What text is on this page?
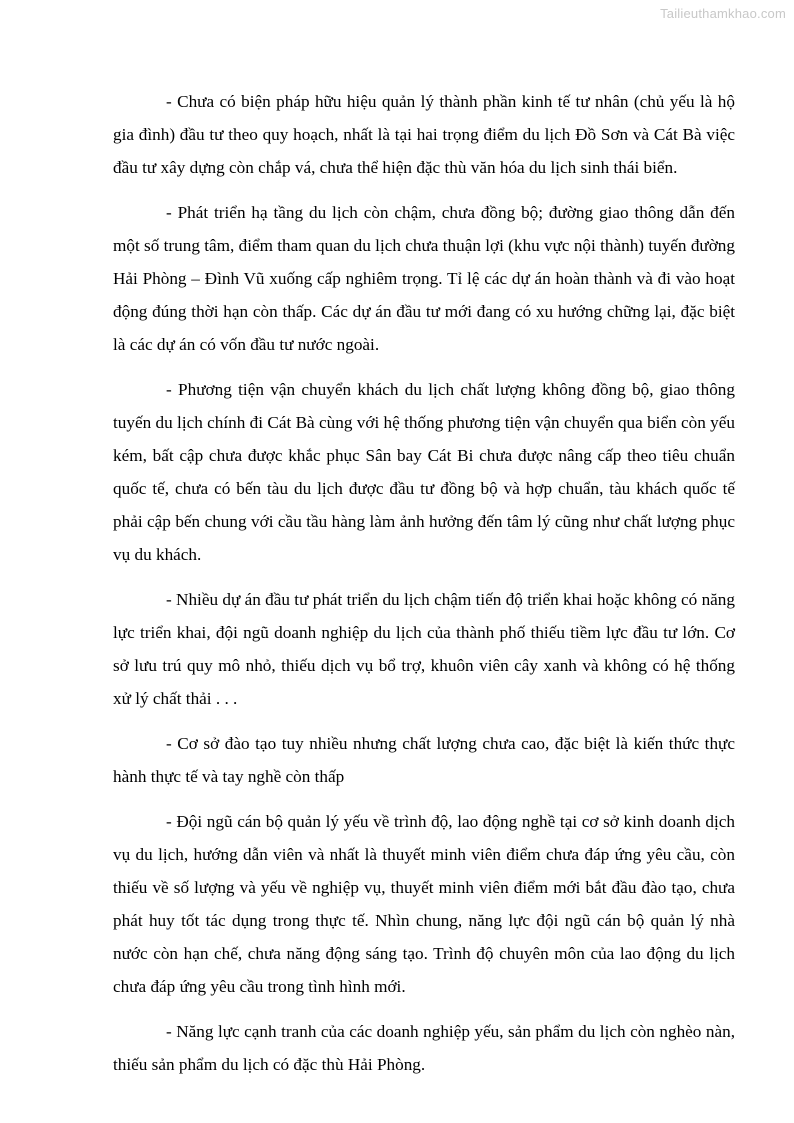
Tailieuthamkhao.com

- Chưa có biện pháp hữu hiệu quản lý thành phần kinh tế tư nhân (chủ yếu là hộ gia đình) đầu tư theo quy hoạch, nhất là tại hai trọng điểm du lịch Đồ Sơn và Cát Bà việc đầu tư xây dựng còn chắp vá, chưa thể hiện đặc thù văn hóa du lịch sinh thái biển.

- Phát triển hạ tầng du lịch còn chậm, chưa đồng bộ; đường giao thông dẫn đến một số trung tâm, điểm tham quan du lịch chưa thuận lợi (khu vực nội thành) tuyến đường Hải Phòng – Đình Vũ xuống cấp nghiêm trọng. Tỉ lệ các dự án hoàn thành và đi vào hoạt động đúng thời hạn còn thấp. Các dự án đầu tư mới đang có xu hướng chững lại, đặc biệt là các dự án có vốn đầu tư nước ngoài.

- Phương tiện vận chuyển khách du lịch chất lượng không đồng bộ, giao thông tuyến du lịch chính đi Cát Bà cùng với hệ thống phương tiện vận chuyển qua biển còn yếu kém, bất cập chưa được khắc phục Sân bay Cát Bi chưa được nâng cấp theo tiêu chuẩn quốc tế, chưa có bến tàu du lịch được đầu tư đồng bộ và hợp chuẩn, tàu khách quốc tế phải cập bến chung với cầu tầu hàng làm ảnh hưởng đến tâm lý cũng như chất lượng phục vụ du khách.

- Nhiều dự án đầu tư phát triển du lịch chậm tiến độ triển khai hoặc không có năng lực triển khai, đội ngũ doanh nghiệp du lịch của thành phố thiếu tiềm lực đầu tư lớn. Cơ sở lưu trú quy mô nhỏ, thiếu dịch vụ bổ trợ, khuôn viên cây xanh và không có hệ thống xử lý chất thải . . .

- Cơ sở đào tạo tuy nhiều nhưng chất lượng chưa cao, đặc biệt là kiến thức thực hành thực tế và tay nghề còn thấp

- Đội ngũ cán bộ quản lý yếu về trình độ, lao động nghề tại cơ sở kinh doanh dịch vụ du lịch, hướng dẫn viên và nhất là thuyết minh viên điểm chưa đáp ứng yêu cầu, còn thiếu về số lượng và yếu về nghiệp vụ, thuyết minh viên điểm mới bắt đầu đào tạo, chưa phát huy tốt tác dụng trong thực tế. Nhìn chung, năng lực đội ngũ cán bộ quản lý nhà nước còn hạn chế, chưa năng động sáng tạo. Trình độ chuyên môn của lao động du lịch chưa đáp ứng yêu cầu trong tình hình mới.

- Năng lực cạnh tranh của các doanh nghiệp yếu, sản phẩm du lịch còn nghèo nàn, thiếu sản phẩm du lịch có đặc thù Hải Phòng.
